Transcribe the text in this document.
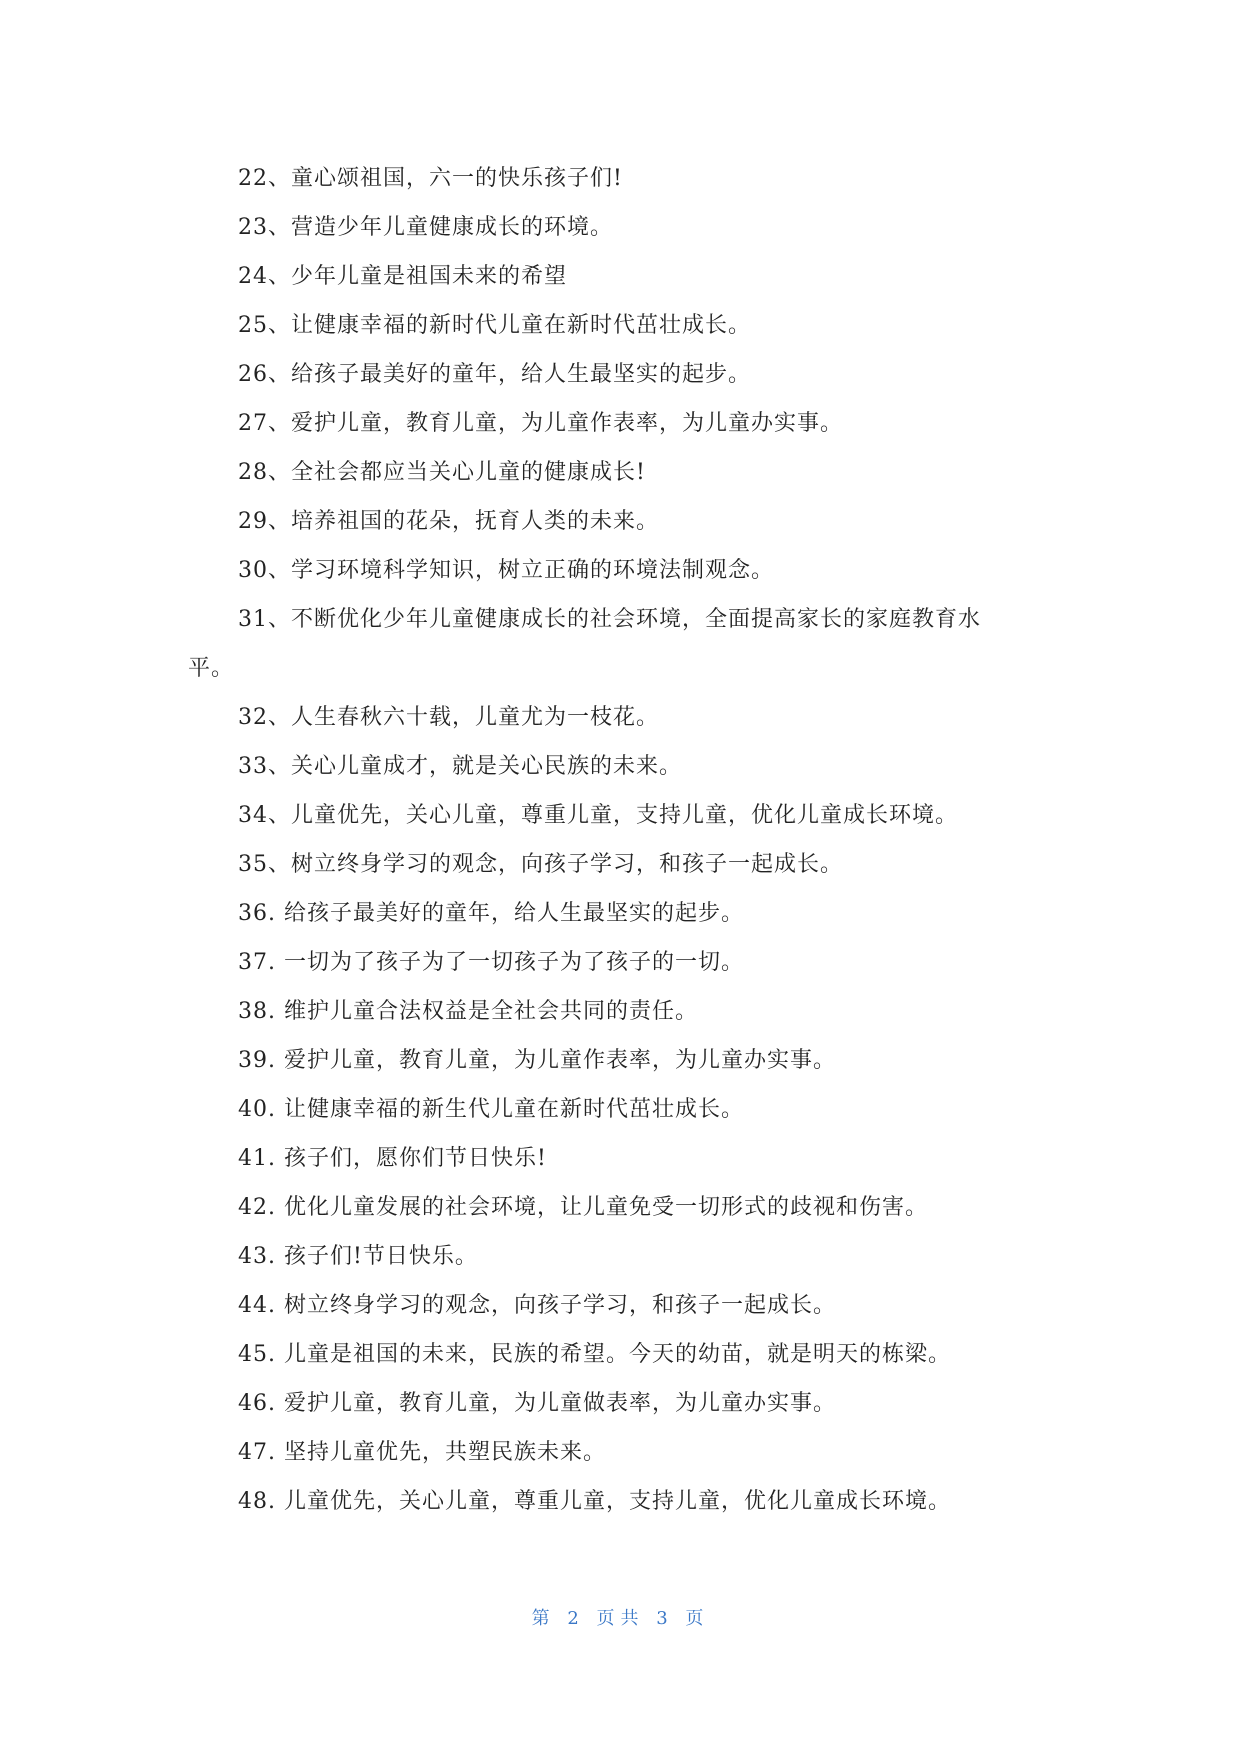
22、童心颂祖国，六一的快乐孩子们!
23、营造少年儿童健康成长的环境。
24、少年儿童是祖国未来的希望
25、让健康幸福的新时代儿童在新时代茁壮成长。
26、给孩子最美好的童年，给人生最坚实的起步。
27、爱护儿童，教育儿童，为儿童作表率，为儿童办实事。
28、全社会都应当关心儿童的健康成长!
29、培养祖国的花朵，抚育人类的未来。
30、学习环境科学知识，树立正确的环境法制观念。
31、不断优化少年儿童健康成长的社会环境，全面提高家长的家庭教育水
平。
32、人生春秋六十载，儿童尤为一枝花。
33、关心儿童成才，就是关心民族的未来。
34、儿童优先，关心儿童，尊重儿童，支持儿童，优化儿童成长环境。
35、树立终身学习的观念，向孩子学习，和孩子一起成长。
36. 给孩子最美好的童年，给人生最坚实的起步。
37. 一切为了孩子为了一切孩子为了孩子的一切。
38. 维护儿童合法权益是全社会共同的责任。
39. 爱护儿童，教育儿童，为儿童作表率，为儿童办实事。
40. 让健康幸福的新生代儿童在新时代茁壮成长。
41. 孩子们，愿你们节日快乐!
42. 优化儿童发展的社会环境，让儿童免受一切形式的歧视和伤害。
43. 孩子们!节日快乐。
44. 树立终身学习的观念，向孩子学习，和孩子一起成长。
45. 儿童是祖国的未来，民族的希望。今天的幼苗，就是明天的栋梁。
46. 爱护儿童，教育儿童，为儿童做表率，为儿童办实事。
47. 坚持儿童优先，共塑民族未来。
48. 儿童优先，关心儿童，尊重儿童，支持儿童，优化儿童成长环境。
第 2 页共 3 页
